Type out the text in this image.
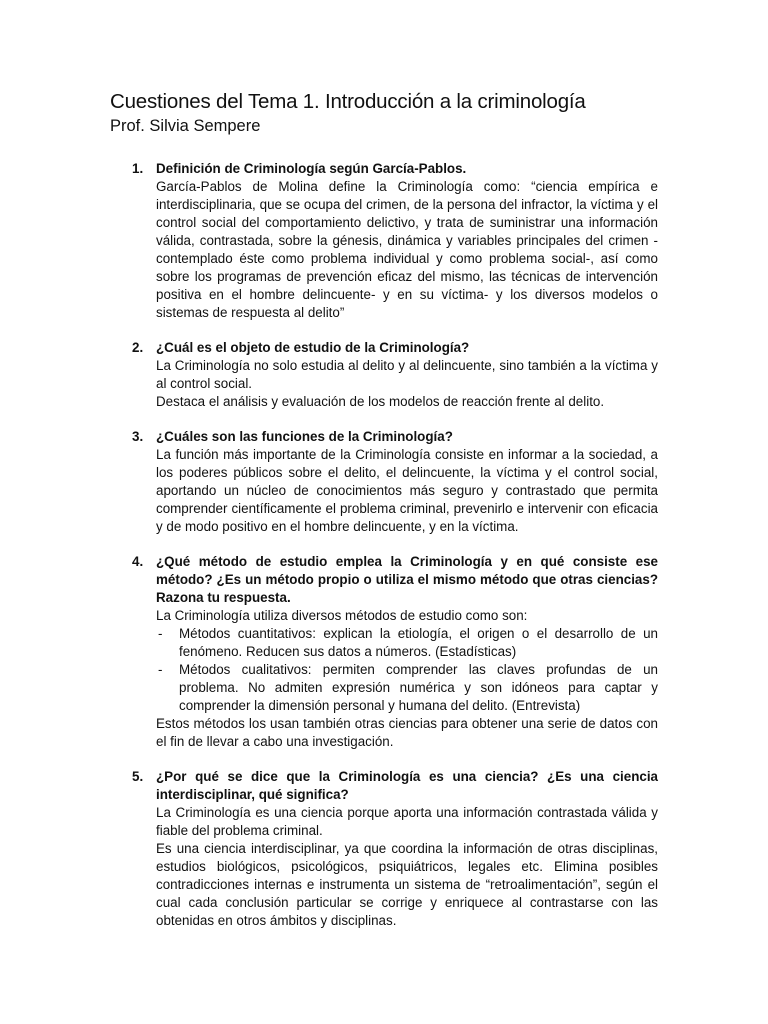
Cuestiones del Tema 1. Introducción a la criminología
Prof. Silvia Sempere
1. Definición de Criminología según García-Pablos.

García-Pablos de Molina define la Criminología como: “ciencia empírica e interdisciplinaria, que se ocupa del crimen, de la persona del infractor, la víctima y el control social del comportamiento delictivo, y trata de suministrar una información válida, contrastada, sobre la génesis, dinámica y variables principales del crimen -contemplado éste como problema individual y como problema social-, así como sobre los programas de prevención eficaz del mismo, las técnicas de intervención positiva en el hombre delincuente- y en su víctima- y los diversos modelos o sistemas de respuesta al delito”

2. ¿Cuál es el objeto de estudio de la Criminología?

La Criminología no solo estudia al delito y al delincuente, sino también a la víctima y al control social.

Destaca el análisis y evaluación de los modelos de reacción frente al delito.

3. ¿Cuáles son las funciones de la Criminología?

La función más importante de la Criminología consiste en informar a la sociedad, a los poderes públicos sobre el delito, el delincuente, la víctima y el control social, aportando un núcleo de conocimientos más seguro y contrastado que permita comprender científicamente el problema criminal, prevenirlo e intervenir con eficacia y de modo positivo en el hombre delincuente, y en la víctima.

4. ¿Qué método de estudio emplea la Criminología y en qué consiste ese método? ¿Es un método propio o utiliza el mismo método que otras ciencias? Razona tu respuesta.

La Criminología utiliza diversos métodos de estudio como son:

- Métodos cuantitativos: explican la etiología, el origen o el desarrollo de un fenómeno. Reducen sus datos a números. (Estadísticas)
- Métodos cualitativos: permiten comprender las claves profundas de un problema. No admiten expresión numérica y son idóneos para captar y comprender la dimensión personal y humana del delito. (Entrevista)

Estos métodos los usan también otras ciencias para obtener una serie de datos con el fin de llevar a cabo una investigación.

5. ¿Por qué se dice que la Criminología es una ciencia? ¿Es una ciencia interdisciplinar, qué significa?

La Criminología es una ciencia porque aporta una información contrastada válida y fiable del problema criminal.

Es una ciencia interdisciplinar, ya que coordina la información de otras disciplinas, estudios biológicos, psicológicos, psiquiátricos, legales etc. Elimina posibles contradicciones internas e instrumenta un sistema de “retroalimentación”, según el cual cada conclusión particular se corrige y enriquece al contrastarse con las obtenidas en otros ámbitos y disciplinas.
